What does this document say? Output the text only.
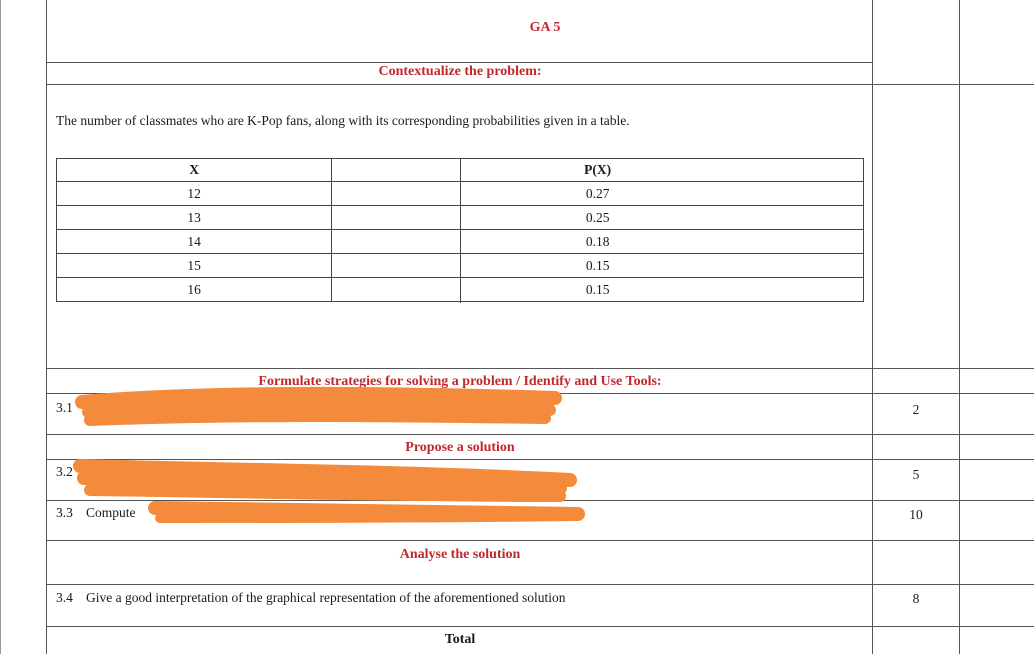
GA 5
Contextualize the problem:
The number of classmates who are K-Pop fans, along with its corresponding probabilities given in a table.
X	P(X)
12	0.27
13	0.25
14	0.18
15	0.15
16	0.15
Formulate strategies for solving a problem / Identify and Use Tools:
3.1	2
Propose a solution
3.2	5
3.3 Compute	10
Analyse the solution
3.4 Give a good interpretation of the graphical representation of the aforementioned solution	8
Total
